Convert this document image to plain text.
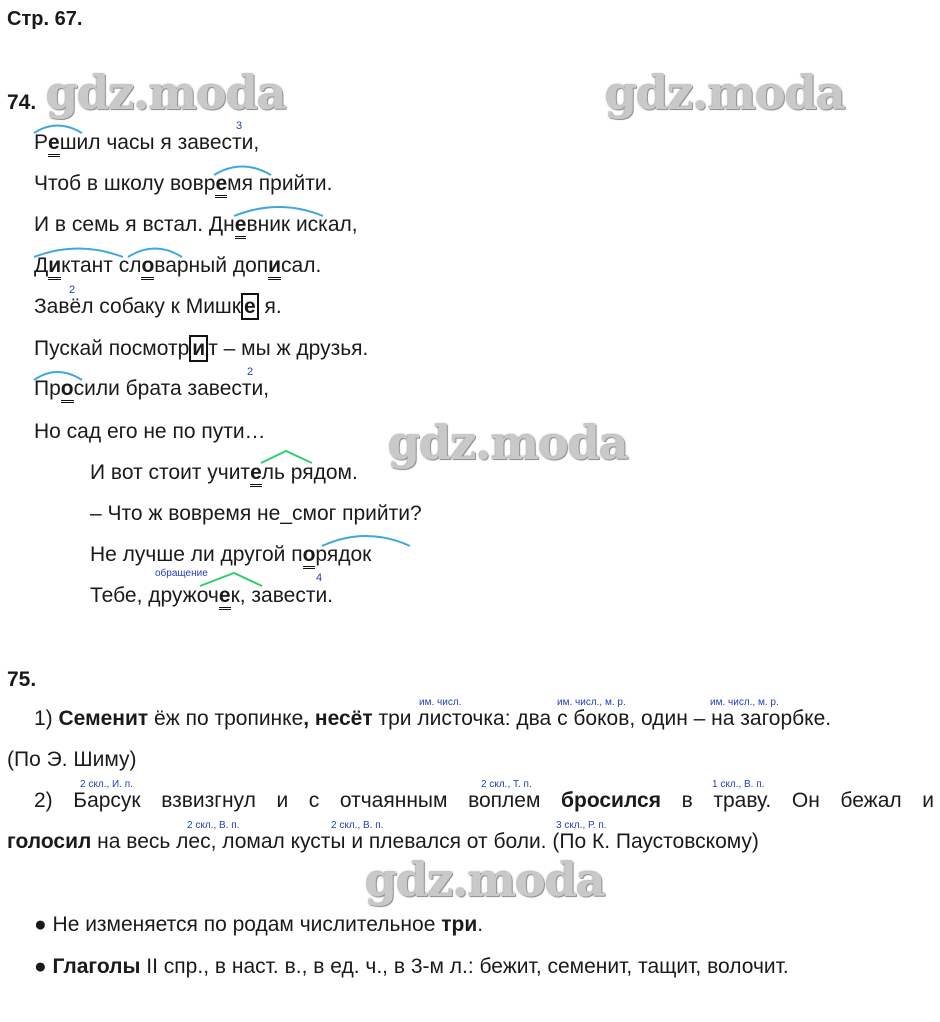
Стр. 67.
gdz.moda	gdz.moda
gdz.moda
gdz.moda
74.
Решил часы я завести,
3
Чтоб в школу вовремя прийти.
И в семь я встал. Дневник искал,
Диктант словарный дописал.
2
Завёл собаку к Мишк е я.
Пускай посмотр и т – мы ж друзья.
2
Просили брата завести,
Но сад его не по пути…
И вот стоит учитель рядом.
– Что ж вовремя не_смог прийти?
Не лучше ли другой порядок
обращение	4
Тебе, дружочек, завести.
75.
им. числ.	им. числ., м. р.	им. числ., м. р.
1) Семенит ёж по тропинке, несёт три листочка: два с боков, один – на загорбке.
(По Э. Шиму)
2 скл., И. п.	2 скл., Т. п.	1 скл., В. п.
2) Барсук взвизгнул и с отчаянным воплем бросился в траву. Он бежал и
2 скл., В. п.	2 скл., В. п.	3 скл., Р. п.
голосил на весь лес, ломал кусты и плевался от боли. (По К. Паустовскому)
● Не изменяется по родам числительное три.
● Глаголы II спр., в наст. в., в ед. ч., в 3-м л.: бежит, семенит, тащит, волочит.
